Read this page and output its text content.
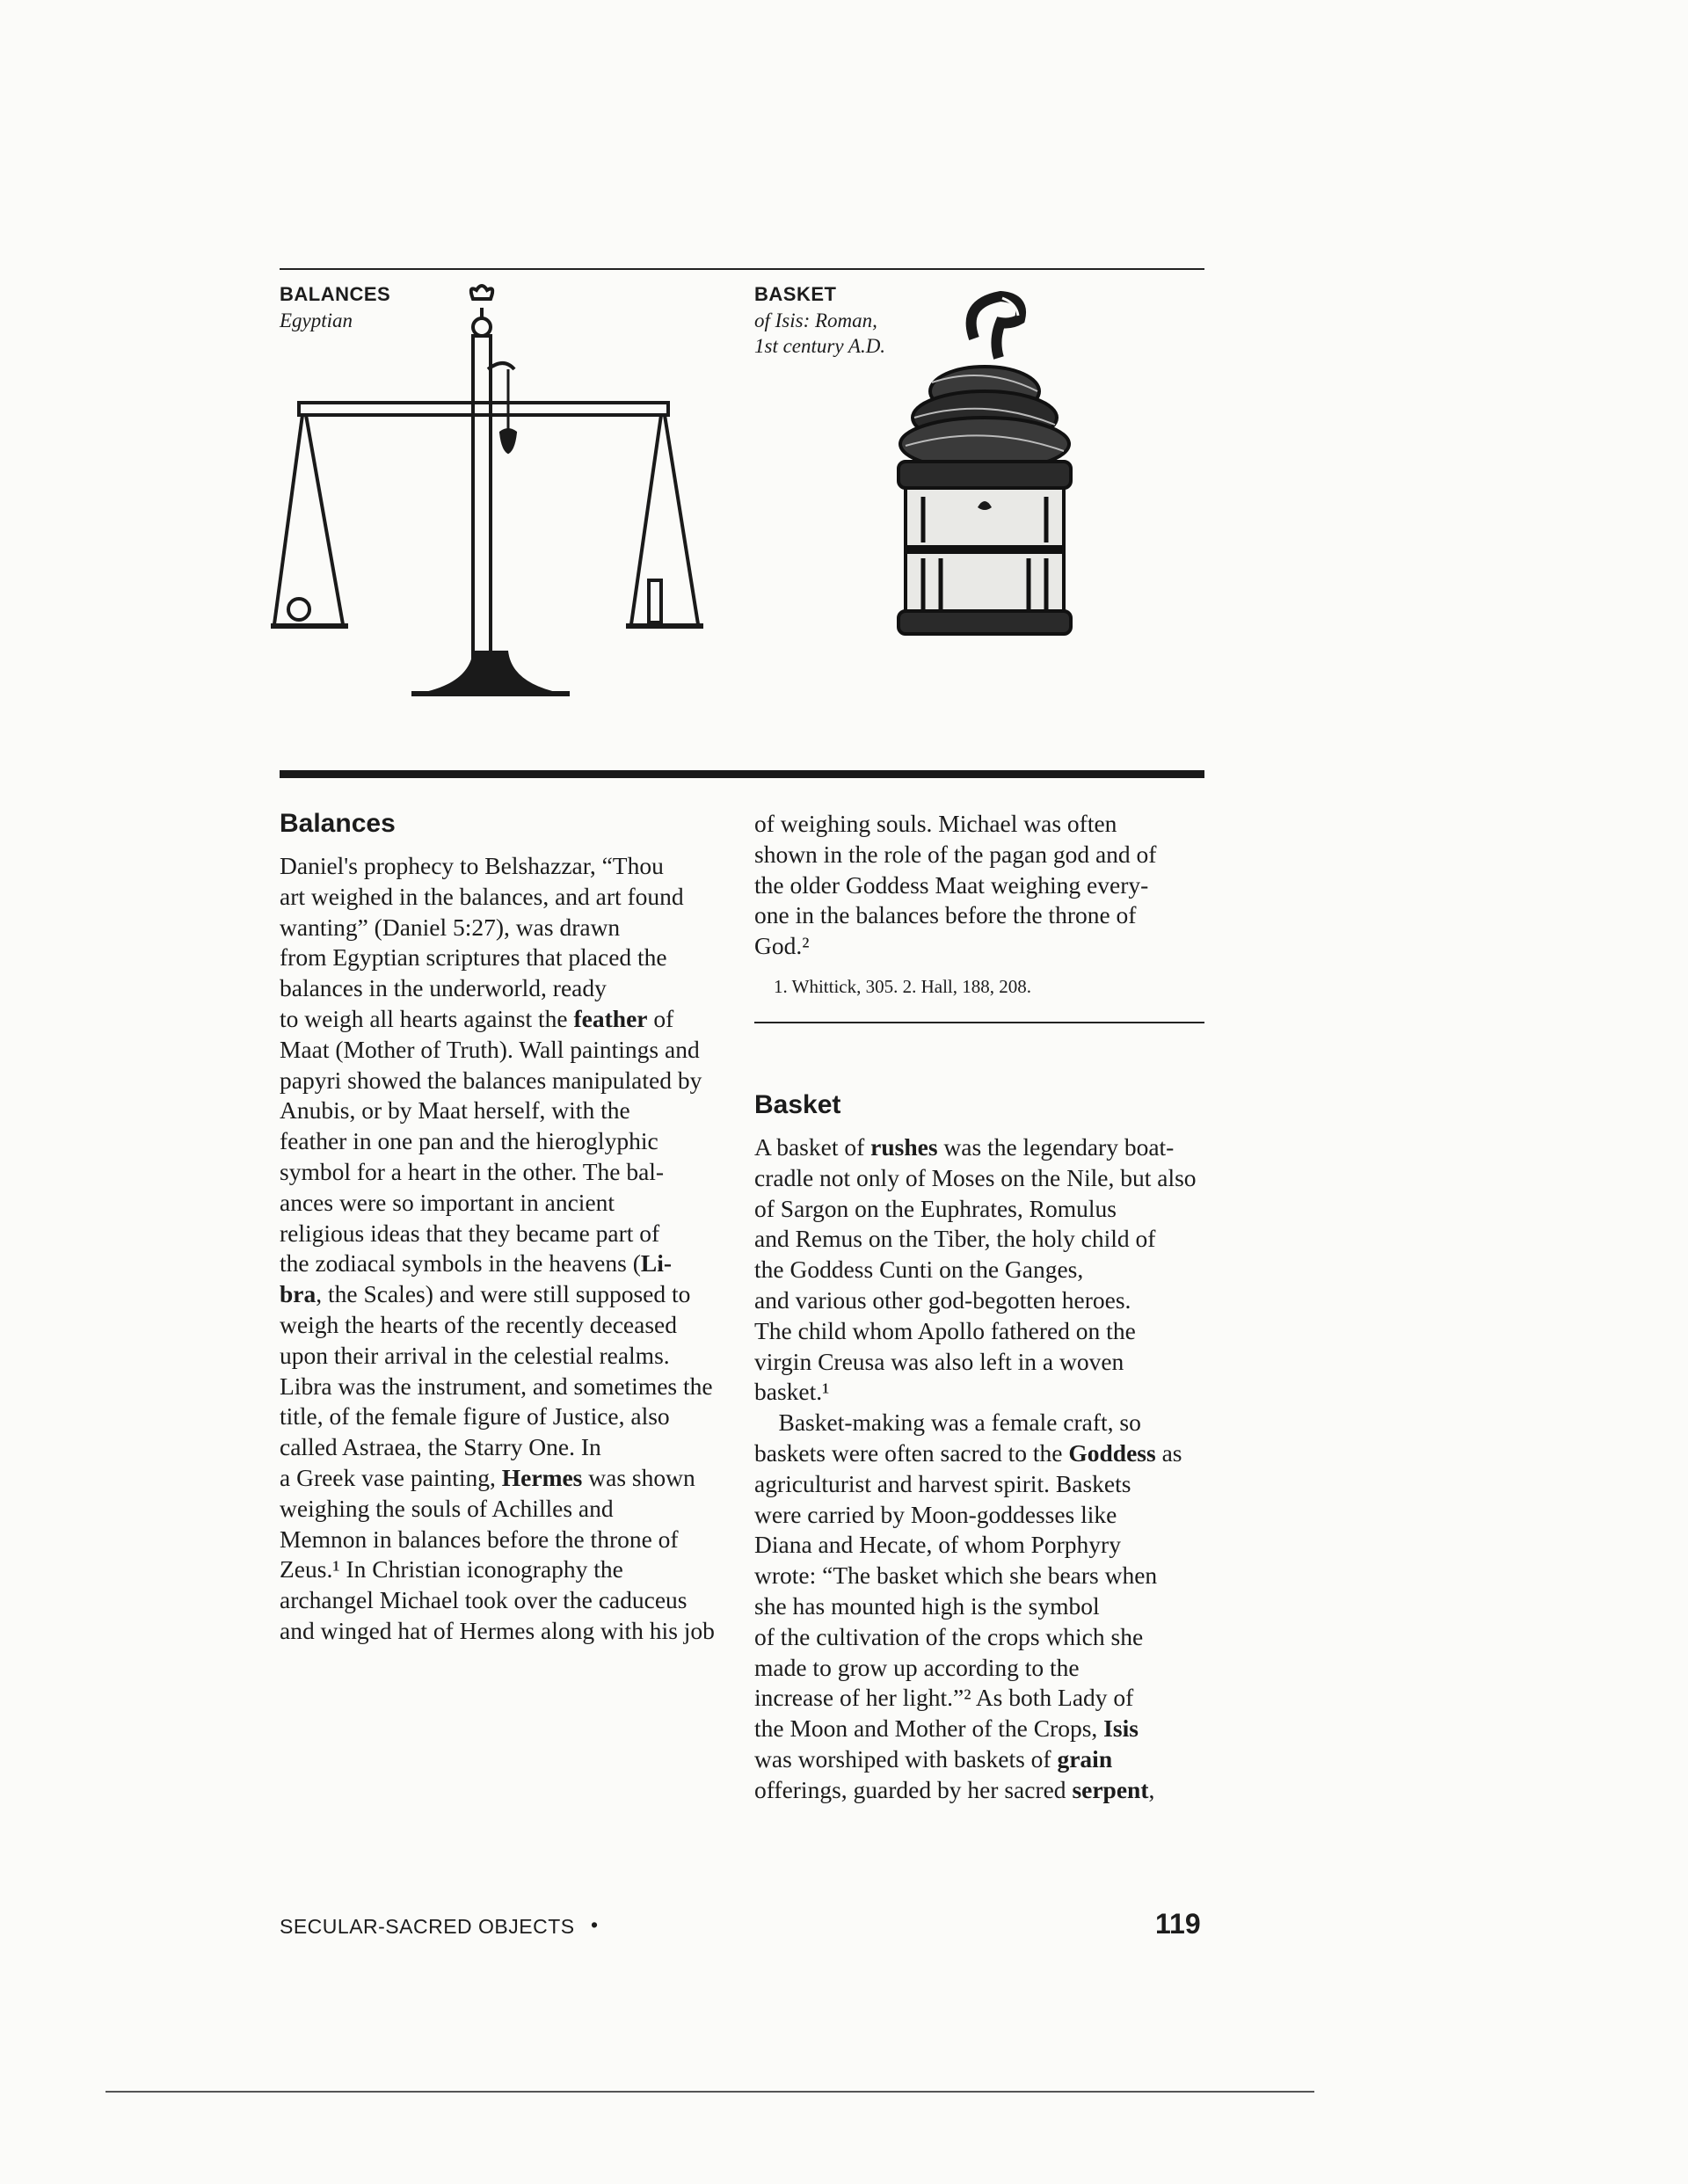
BALANCES
Egyptian
BASKET
of Isis: Roman,
1st century A.D.
Balances
Daniel's prophecy to Belshazzar, “Thou
art weighed in the balances, and art found
wanting” (Daniel 5:27), was drawn
from Egyptian scriptures that placed the
balances in the underworld, ready
to weigh all hearts against the feather of
Maat (Mother of Truth). Wall paintings and
papyri showed the balances manipulated by
Anubis, or by Maat herself, with the
feather in one pan and the hieroglyphic
symbol for a heart in the other. The bal-
ances were so important in ancient
religious ideas that they became part of
the zodiacal symbols in the heavens (Li-
bra, the Scales) and were still supposed to
weigh the hearts of the recently deceased
upon their arrival in the celestial realms.
Libra was the instrument, and sometimes the
title, of the female figure of Justice, also
called Astraea, the Starry One. In
a Greek vase painting, Hermes was shown
weighing the souls of Achilles and
Memnon in balances before the throne of
Zeus.¹ In Christian iconography the
archangel Michael took over the caduceus
and winged hat of Hermes along with his job
of weighing souls. Michael was often
shown in the role of the pagan god and of
the older Goddess Maat weighing every-
one in the balances before the throne of
God.²
1. Whittick, 305. 2. Hall, 188, 208.
Basket
A basket of rushes was the legendary boat-
cradle not only of Moses on the Nile, but also
of Sargon on the Euphrates, Romulus
and Remus on the Tiber, the holy child of
the Goddess Cunti on the Ganges,
and various other god-begotten heroes.
The child whom Apollo fathered on the
virgin Creusa was also left in a woven
basket.¹
 Basket-making was a female craft, so
baskets were often sacred to the Goddess as
agriculturist and harvest spirit. Baskets
were carried by Moon-goddesses like
Diana and Hecate, of whom Porphyry
wrote: “The basket which she bears when
she has mounted high is the symbol
of the cultivation of the crops which she
made to grow up according to the
increase of her light.”² As both Lady of
the Moon and Mother of the Crops, Isis
was worshiped with baskets of grain
offerings, guarded by her sacred serpent,
SECULAR-SACRED OBJECTS •	119
